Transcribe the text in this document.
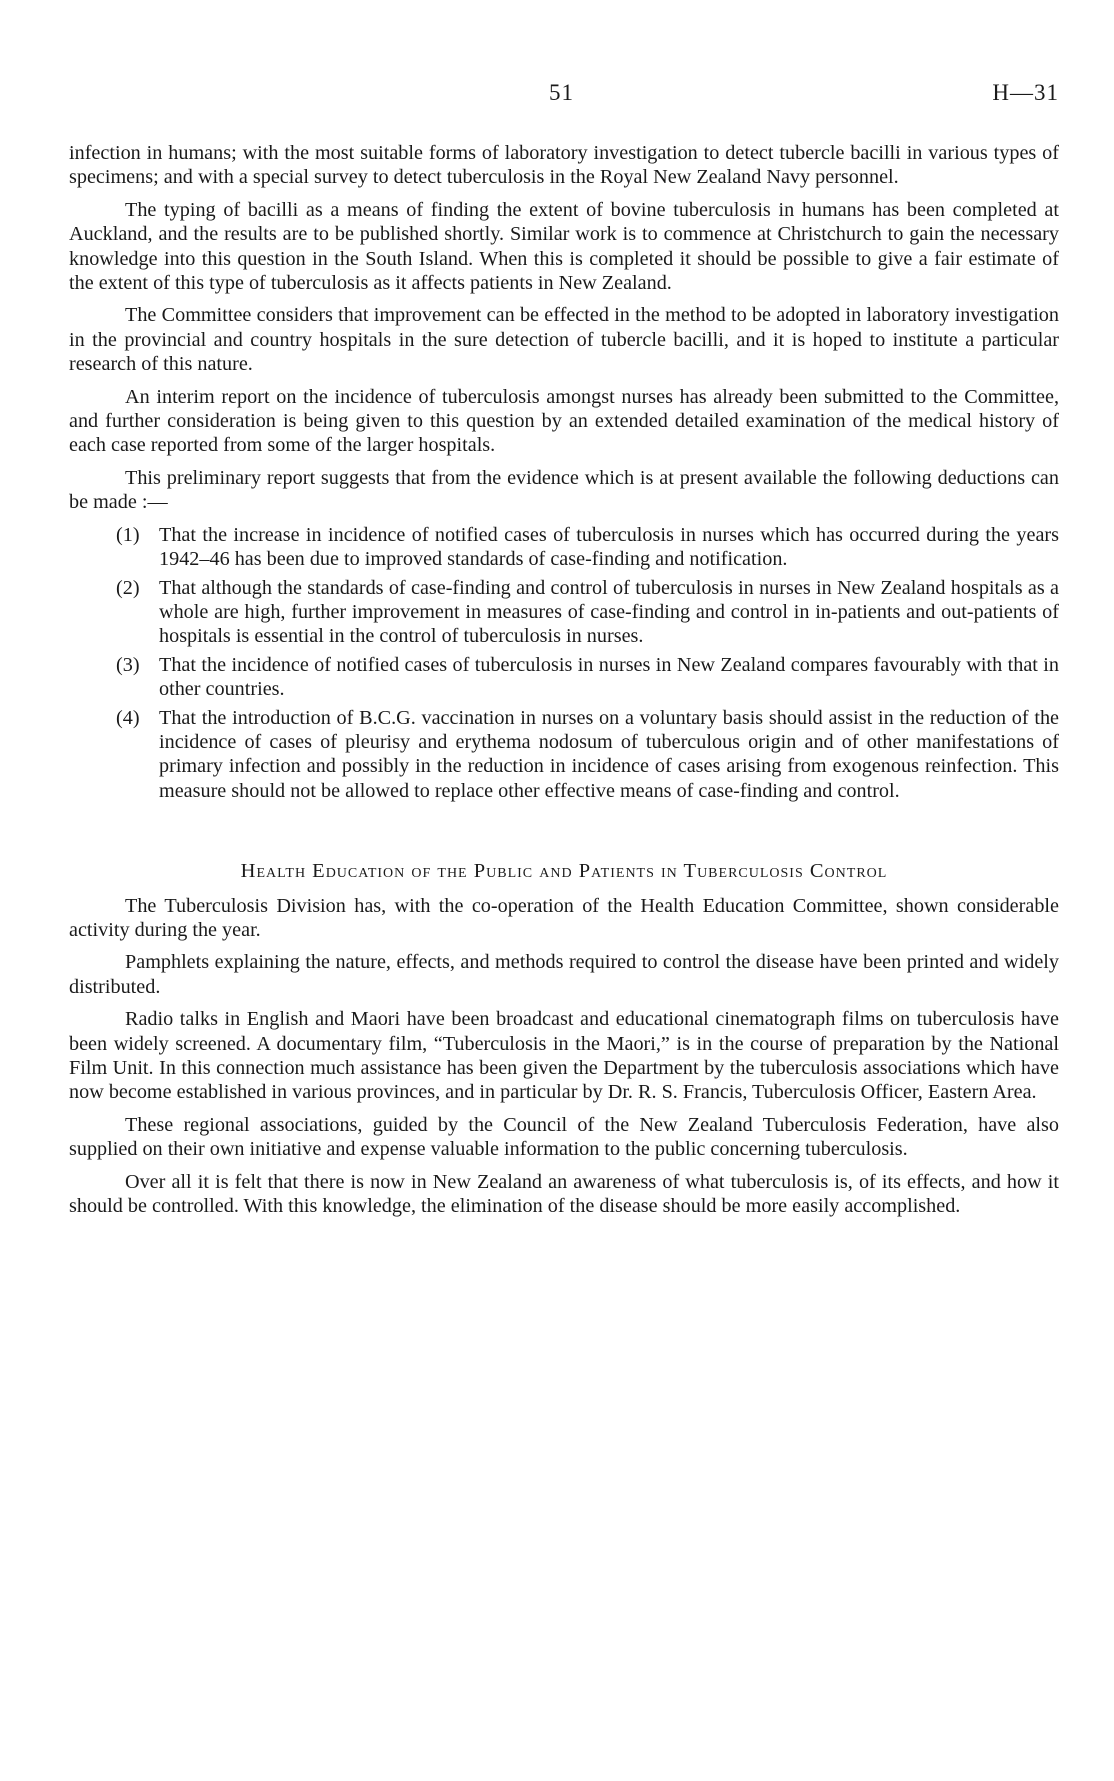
51	H—31

infection in humans; with the most suitable forms of laboratory investigation to detect tubercle bacilli in various types of specimens; and with a special survey to detect tuberculosis in the Royal New Zealand Navy personnel.

The typing of bacilli as a means of finding the extent of bovine tuberculosis in humans has been completed at Auckland, and the results are to be published shortly. Similar work is to commence at Christchurch to gain the necessary knowledge into this question in the South Island. When this is completed it should be possible to give a fair estimate of the extent of this type of tuberculosis as it affects patients in New Zealand.

The Committee considers that improvement can be effected in the method to be adopted in laboratory investigation in the provincial and country hospitals in the sure detection of tubercle bacilli, and it is hoped to institute a particular research of this nature.

An interim report on the incidence of tuberculosis amongst nurses has already been submitted to the Committee, and further consideration is being given to this question by an extended detailed examination of the medical history of each case reported from some of the larger hospitals.

This preliminary report suggests that from the evidence which is at present available the following deductions can be made :—

(1) That the increase in incidence of notified cases of tuberculosis in nurses which has occurred during the years 1942–46 has been due to improved standards of case-finding and notification.
(2) That although the standards of case-finding and control of tuberculosis in nurses in New Zealand hospitals as a whole are high, further improvement in measures of case-finding and control in in-patients and out-patients of hospitals is essential in the control of tuberculosis in nurses.
(3) That the incidence of notified cases of tuberculosis in nurses in New Zealand compares favourably with that in other countries.
(4) That the introduction of B.C.G. vaccination in nurses on a voluntary basis should assist in the reduction of the incidence of cases of pleurisy and erythema nodosum of tuberculous origin and of other manifestations of primary infection and possibly in the reduction in incidence of cases arising from exogenous reinfection. This measure should not be allowed to replace other effective means of case-finding and control.
Health Education of the Public and Patients in Tuberculosis Control

The Tuberculosis Division has, with the co-operation of the Health Education Committee, shown considerable activity during the year.

Pamphlets explaining the nature, effects, and methods required to control the disease have been printed and widely distributed.

Radio talks in English and Maori have been broadcast and educational cinematograph films on tuberculosis have been widely screened. A documentary film, “Tuberculosis in the Maori,” is in the course of preparation by the National Film Unit. In this connection much assistance has been given the Department by the tuberculosis associations which have now become established in various provinces, and in particular by Dr. R. S. Francis, Tuberculosis Officer, Eastern Area.

These regional associations, guided by the Council of the New Zealand Tuberculosis Federation, have also supplied on their own initiative and expense valuable information to the public concerning tuberculosis.

Over all it is felt that there is now in New Zealand an awareness of what tuberculosis is, of its effects, and how it should be controlled. With this knowledge, the elimination of the disease should be more easily accomplished.
